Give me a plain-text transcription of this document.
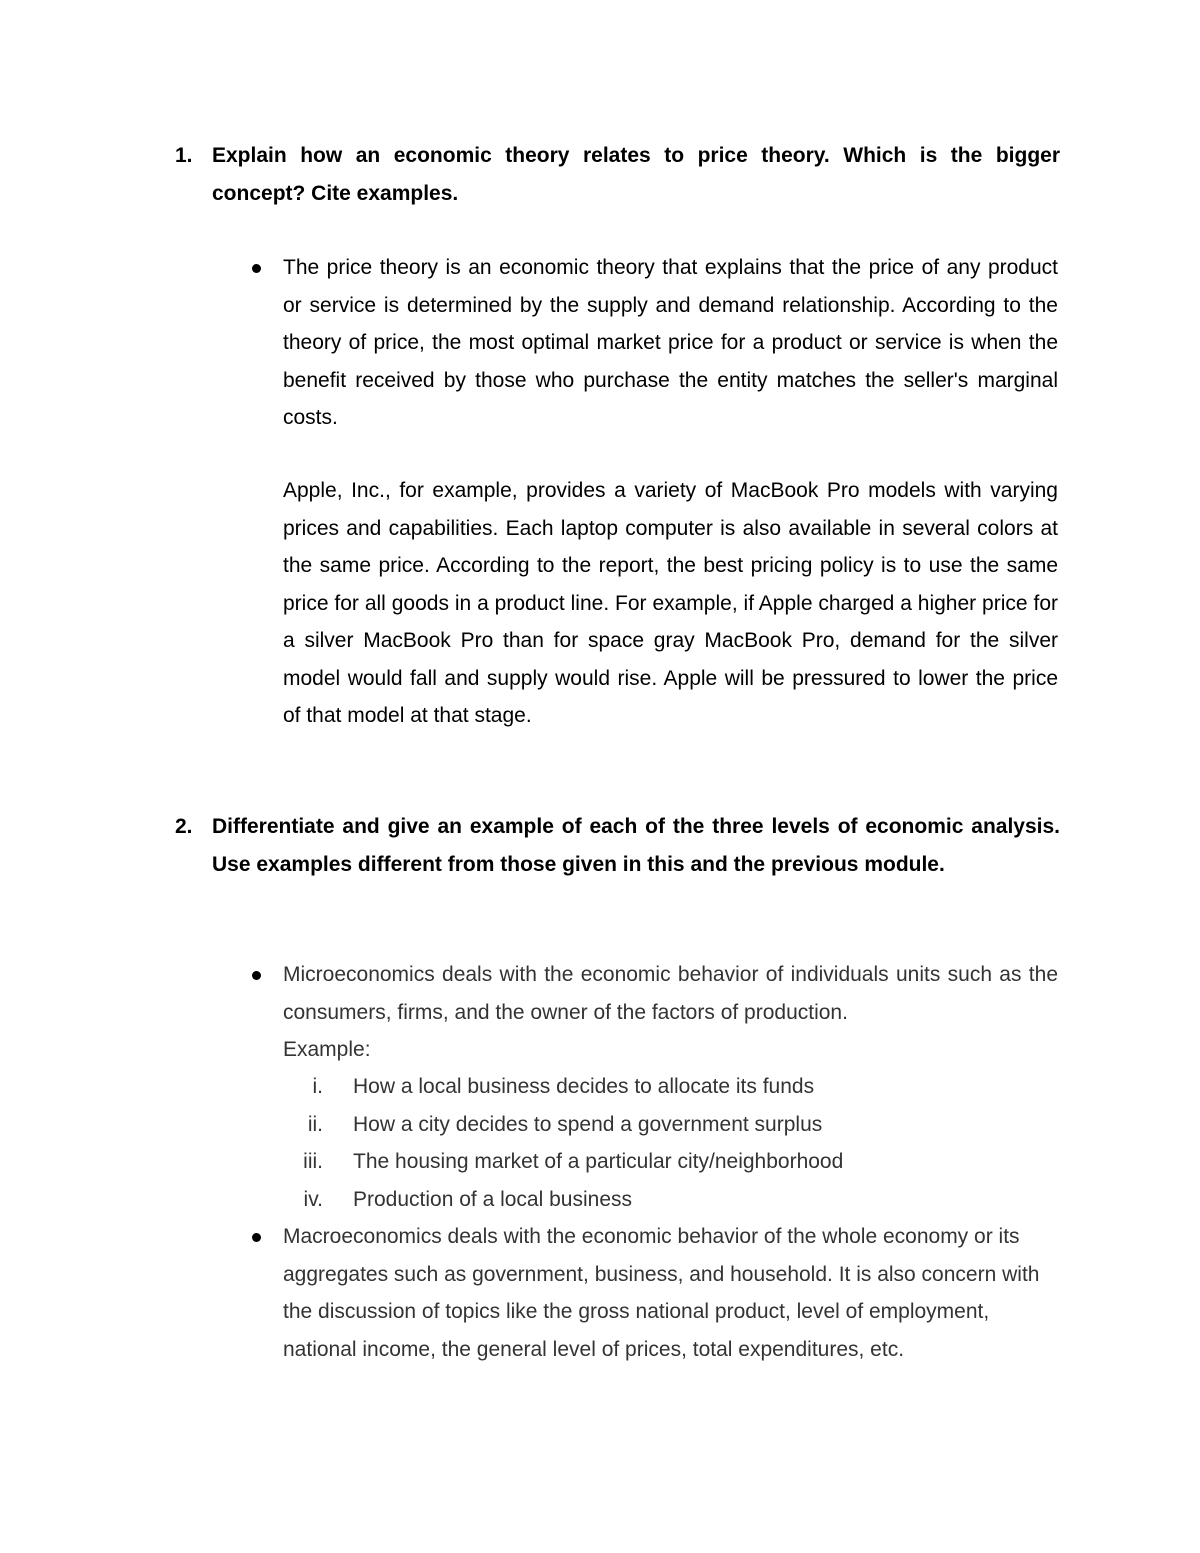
1. Explain how an economic theory relates to price theory. Which is the bigger concept? Cite examples.
The price theory is an economic theory that explains that the price of any product or service is determined by the supply and demand relationship. According to the theory of price, the most optimal market price for a product or service is when the benefit received by those who purchase the entity matches the seller's marginal costs.
Apple, Inc., for example, provides a variety of MacBook Pro models with varying prices and capabilities. Each laptop computer is also available in several colors at the same price. According to the report, the best pricing policy is to use the same price for all goods in a product line. For example, if Apple charged a higher price for a silver MacBook Pro than for space gray MacBook Pro, demand for the silver model would fall and supply would rise. Apple will be pressured to lower the price of that model at that stage.
2. Differentiate and give an example of each of the three levels of economic analysis. Use examples different from those given in this and the previous module.
Microeconomics deals with the economic behavior of individuals units such as the consumers, firms, and the owner of the factors of production.
Example:
i. How a local business decides to allocate its funds
ii. How a city decides to spend a government surplus
iii. The housing market of a particular city/neighborhood
iv. Production of a local business
Macroeconomics deals with the economic behavior of the whole economy or its aggregates such as government, business, and household. It is also concern with the discussion of topics like the gross national product, level of employment, national income, the general level of prices, total expenditures, etc.
